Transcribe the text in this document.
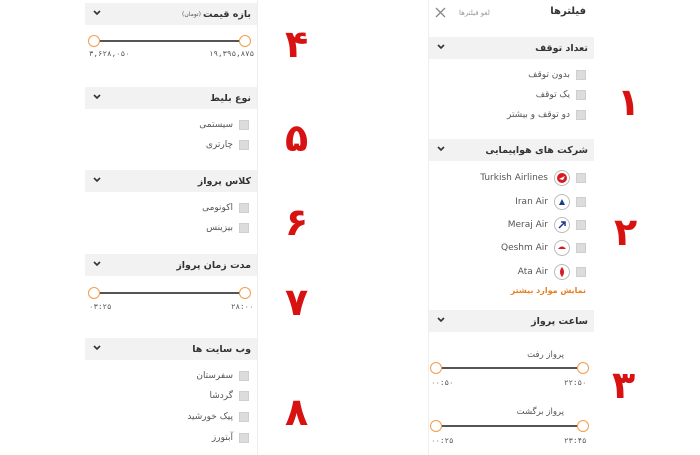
بازه قیمت
(تومان)
۳,۶۲۸,۰۵۰	۱۹,۳۹۵,۸۷۵
نوع بلیط
سیستمی
چارتری
کلاس پرواز
اکونومی
بیزینس
مدت زمان پرواز
۰۳:۲۵	۲۸:۰۰
وب سایت ها
سفرستان
گردشا
پیک خورشید
آبتورز
فیلترها
لغو فیلترها
تعداد توقف
بدون توقف
یک توقف
دو توقف و بیشتر
شرکت های هواپیمایی
Turkish Airlines
Iran Air
Meraj Air
Qeshm Air
Ata Air
نمایش موارد بیشتر
ساعت پرواز
پرواز رفت
۰۰:۵۰	۲۲:۵۰
پرواز برگشت
۰۰:۲۵	۲۳:۴۵
۱
۲
۳
۴
۵
۶
۷
۸
